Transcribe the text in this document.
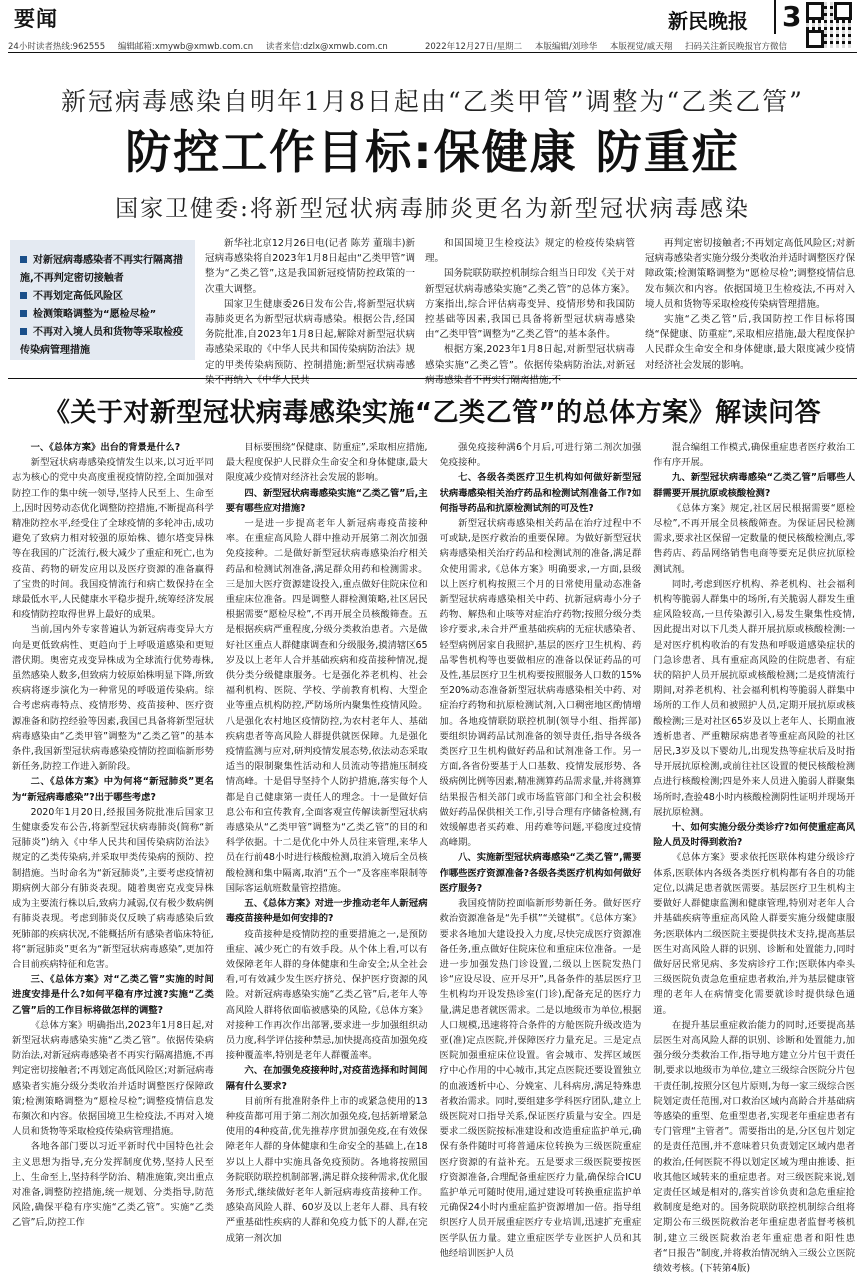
要闻	新民晚报 3
24小时读者热线:962555 编辑邮箱:xmywb@xmwb.com.cn 读者来信:dzlx@xmwb.com.cn	2022年12月27日/星期二 本版编辑/刘珍华 本版视觉/戚天翔 扫码关注新民晚报官方微信
新冠病毒感染自明年1月8日起由“乙类甲管”调整为“乙类乙管”
防控工作目标:保健康 防重症
国家卫健委:将新型冠状病毒肺炎更名为新型冠状病毒感染
对新冠病毒感染者不再实行隔离措施,不再判定密切接触者
不再划定高低风险区
检测策略调整为“愿检尽检”
不再对入境人员和货物等采取检疫传染病管理措施

新华社北京12月26日电(记者 陈芳 董瑞丰)新冠病毒感染将自2023年1月8日起由“乙类甲管”调整为“乙类乙管”,这是我国新冠疫情防控政策的一次重大调整。

国家卫生健康委26日发布公告,将新型冠状病毒肺炎更名为新型冠状病毒感染。根据公告,经国务院批准,自2023年1月8日起,解除对新型冠状病毒感染采取的《中华人民共和国传染病防治法》规定的甲类传染病预防、控制措施;新型冠状病毒感染不再纳入《中华人民共

和国国境卫生检疫法》规定的检疫传染病管理。

国务院联防联控机制综合组当日印发《关于对新型冠状病毒感染实施“乙类乙管”的总体方案》。方案指出,综合评估病毒变异、疫情形势和我国防控基础等因素,我国已具备将新型冠状病毒感染由“乙类甲管”调整为“乙类乙管”的基本条件。

根据方案,2023年1月8日起,对新型冠状病毒感染实施“乙类乙管”。依据传染病防治法,对新冠病毒感染者不再实行隔离措施,不

再判定密切接触者;不再划定高低风险区;对新冠病毒感染者实施分级分类收治并适时调整医疗保障政策;检测策略调整为“愿检尽检”;调整疫情信息发布频次和内容。依据国境卫生检疫法,不再对入境人员和货物等采取检疫传染病管理措施。

实施“乙类乙管”后,我国防控工作目标将围绕“保健康、防重症”,采取相应措施,最大程度保护人民群众生命安全和身体健康,最大限度减少疫情对经济社会发展的影响。

《关于对新型冠状病毒感染实施“乙类乙管”的总体方案》解读问答

一、《总体方案》出台的背景是什么?

新型冠状病毒感染疫情发生以来,以习近平同志为核心的党中央高度重视疫情防控,全面加强对防控工作的集中统一领导,坚持人民至上、生命至上,因时因势动态优化调整防控措施,不断提高科学精准防控水平,经受住了全球疫情的多轮冲击,成功避免了致病力相对较强的原始株、德尔塔变异株等在我国的广泛流行,极大减少了重症和死亡,也为疫苗、药物的研发应用以及医疗资源的准备赢得了宝贵的时间。我国疫情流行和病亡数保持在全球最低水平,人民健康水平稳步提升,统筹经济发展和疫情防控取得世界上最好的成果。

当前,国内外专家普遍认为新冠病毒变异大方向是更低致病性、更趋向于上呼吸道感染和更短潜伏期。奥密克戎变异株成为全球流行优势毒株,虽然感染人数多,但致病力较原始株明显下降,所致疾病将逐步演化为一种常见的呼吸道传染病。综合考虑病毒特点、疫情形势、疫苗接种、医疗资源准备和防控经验等因素,我国已具备将新型冠状病毒感染由“乙类甲管”调整为“乙类乙管”的基本条件,我国新型冠状病毒感染疫情防控面临新形势新任务,防控工作进入新阶段。

二、《总体方案》中为何将“新冠肺炎”更名为“新冠病毒感染”?出于哪些考虑?

2020年1月20日,经报国务院批准后国家卫生健康委发布公告,将新型冠状病毒肺炎(简称“新冠肺炎”)纳入《中华人民共和国传染病防治法》规定的乙类传染病,并采取甲类传染病的预防、控制措施。当时命名为“新冠肺炎”,主要考虑疫情初期病例大部分有肺炎表现。随着奥密克戎变异株成为主要流行株以后,致病力减弱,仅有极少数病例有肺炎表现。考虑到肺炎仅反映了病毒感染后致死肺部的疾病状况,不能概括所有感染者临床特征,将“新冠肺炎”更名为“新型冠状病毒感染”,更加符合目前疾病特征和危害。

三、《总体方案》对“乙类乙管”实施的时间进度安排是什么?如何平稳有序过渡?实施“乙类乙管”后的工作目标将做怎样的调整?

《总体方案》明确指出,2023年1月8日起,对新型冠状病毒感染实施“乙类乙管”。依据传染病防治法,对新冠病毒感染者不再实行隔离措施,不再判定密切接触者;不再划定高低风险区;对新冠病毒感染者实施分级分类收治并适时调整医疗保障政策;检测策略调整为“愿检尽检”;调整疫情信息发布频次和内容。依据国境卫生检疫法,不再对入境人员和货物等采取检疫传染病管理措施。

各地各部门要以习近平新时代中国特色社会主义思想为指导,充分发挥制度优势,坚持人民至上、生命至上,坚持科学防治、精准施策,突出重点对准备,调整防控措施,统一规划、分类指导,防范风险,确保平稳有序实施“乙类乙管”。实施“乙类乙管”后,防控工作

目标要围绕“保健康、防重症”,采取相应措施,最大程度保护人民群众生命安全和身体健康,最大限度减少疫情对经济社会发展的影响。

四、新型冠状病毒感染实施“乙类乙管”后,主要有哪些应对措施?

一是进一步提高老年人新冠病毒疫苗接种率。在重症高风险人群中推动开展第二剂次加强免疫接种。二是做好新型冠状病毒感染治疗相关药品和检测试剂准备,满足群众用药和检测需求。三是加大医疗资源建设投入,重点做好住院床位和重症床位准备。四是调整人群检测策略,社区居民根据需要“愿检尽检”,不再开展全员核酸筛查。五是根据疾病严重程度,分级分类救治患者。六是做好社区重点人群健康调查和分级服务,摸清辖区65岁及以上老年人合并基础疾病和疫苗接种情况,提供分类分级健康服务。七是强化养老机构、社会福利机构、医院、学校、学前教育机构、大型企业等重点机构防控,严防场所内聚集性疫情风险。八是强化农村地区疫情防控,为农村老年人、基础疾病患者等高风险人群提供就医保障。九是强化疫情监测与应对,研判疫情发展态势,依法动态采取适当的限制聚集性活动和人员流动等措施压制疫情高峰。十是倡导坚持个人防护措施,落实每个人都是自己健康第一责任人的理念。十一是做好信息公布和宣传教育,全面客观宣传解读新型冠状病毒感染从“乙类甲管”调整为“乙类乙管”的目的和科学依据。十二是优化中外人员往来管理,来华人员在行前48小时进行核酸检测,取消入境后全员核酸检测和集中隔离,取消“五个一”及客座率限制等国际客运航班数量管控措施。

五、《总体方案》对进一步推动老年人新冠病毒疫苗接种是如何安排的?

疫苗接种是疫情防控的重要措施之一,是预防重症、减少死亡的有效手段。从个体上看,可以有效保障老年人群的身体健康和生命安全;从全社会看,可有效减少发生医疗挤兑、保护医疗资源的风险。对新冠病毒感染实施“乙类乙管”后,老年人等高风险人群将依面临被感染的风险,《总体方案》对接种工作再次作出部署,要求进一步加强组织动员力度,科学评估接种禁忌,加快提高疫苗加强免疫接种覆盖率,特别是老年人群覆盖率。

六、在加强免疫接种时,对疫苗选择和时间间隔有什么要求?

目前所有批准附条件上市的或紧急使用的13种疫苗都可用于第二剂次加强免疫,包括新增紧急使用的4种疫苗,优先推荐序贯加强免疫,在有效保障老年人群的身体健康和生命安全的基础上,在18岁以上人群中实施具备免疫预防。各地将按照国务院联防联控机制部署,满足群众接种需求,优化服务形式,继续做好老年人新冠病毒疫苗接种工作。感染高风险人群、60岁及以上老年人群、具有较严重基础性疾病的人群和免疫力低下的人群,在完成第一剂次加

强免疫接种满6个月后,可进行第二剂次加强免疫接种。

七、各级各类医疗卫生机构如何做好新型冠状病毒感染相关治疗药品和检测试剂准备工作?如何指导药品和抗原检测试剂的可及性?

新型冠状病毒感染相关药品在治疗过程中不可或缺,是医疗救治的重要保障。为做好新型冠状病毒感染相关治疗药品和检测试剂的准备,满足群众使用需求,《总体方案》明确要求,一方面,县级以上医疗机构按照三个月的日常使用量动态准备新型冠状病毒感染相关中药、抗新冠病毒小分子药物、解热和止咳等对症治疗药物;按照分级分类诊疗要求,未合并严重基础疾病的无症状感染者、轻型病例居家自我照护,基层的医疗卫生机构、药品零售机构等也要做相应的准备以保证药品的可及性,基层医疗卫生机构要按照服务人口数的15%至20%动态准备新型冠状病毒感染相关中药、对症治疗药物和抗原检测试剂,入口稠密地区酌情增加。各地疫情联防联控机制(领导小组、指挥部)要组织协调药品试剂准备的领导责任,指导各级各类医疗卫生机构做好药品和试剂准备工作。另一方面,各省份要基于人口基数、疫情发展形势、各级病例比例等因素,精准测算药品需求量,并将测算结果报告相关部门或市场监管部门和全社会积极做好药品保供相关工作,引导合理有序储备检测,有效缓解患者买药难、用药难等问题,平稳度过疫情高峰期。

八、实施新型冠状病毒感染“乙类乙管”,需要作哪些医疗资源准备?各级各类医疗机构如何做好医疗服务?

我国疫情防控面临新形势新任务。做好医疗救治资源准备是“先手棋”“关键棋”。《总体方案》要求各地加大建设投入力度,尽快完成医疗资源准备任务,重点做好住院床位和重症床位准备。一是进一步加强发热门诊设置,二级以上医院发热门诊“应设尽设、应开尽开”,具备条件的基层医疗卫生机构均开设发热诊室(门诊),配备充足的医疗力量,满足患者就医需求。二是以地级市为单位,根据人口规模,迅速将符合条件的方舱医院升级改造为亚(准)定点医院,并保障医疗力量充足。三是定点医院加强重症床位设置。省会城市、发挥区域医疗中心作用的中心城市,其定点医院还要设置独立的血液透析中心、分娩室、儿科病房,满足特殊患者救治需求。同时,要组建多学科医疗团队,建立上级医院对口指导关系,保证医疗质量与安全。四是要求二级医院按标准建设和改造重症监护单元,确保有条件随时可将普通床位转换为三级医院重症医疗资源的有益补充。五是要求三级医院要按医疗资源准备,合理配备重症医疗力量,确保综合ICU监护单元可随时使用,通过建设可转换重症监护单元确保24小时内重症监护资源增加一倍。指导组织医疗人员开展重症医疗专业培训,迅速扩充重症医学队伍力量。建立重症医学专业医护人员和其他经培训医护人员

混合编组工作模式,确保重症患者医疗救治工作有序开展。

九、新型冠状病毒感染“乙类乙管”后哪些人群需要开展抗原或核酸检测?

《总体方案》规定,社区居民根据需要“愿检尽检”,不再开展全员核酸筛查。为保证居民检测需求,要求社区保留一定数量的便民核酸检测点,零售药店、药品网络销售电商等要充足供应抗原检测试剂。

同时,考虑到医疗机构、养老机构、社会福利机构等脆弱人群集中的场所,有关脆弱人群发生重症风险较高,一旦传染源引入,易发生聚集性疫情,因此提出对以下几类人群开展抗原或核酸检测:一是对医疗机构收治的有发热和呼吸道感染症状的门急诊患者、具有重症高风险的住院患者、有症状的陪护人员开展抗原或核酸检测;二是疫情流行期间,对养老机构、社会福利机构等脆弱人群集中场所的工作人员和被照护人员,定期开展抗原或核酸检测;三是对社区65岁及以上老年人、长期血液透析患者、严重糖尿病患者等重症高风险的社区居民,3岁及以下婴幼儿,出现发热等症状后及时指导开展抗原检测,或前往社区设置的便民核酸检测点进行核酸检测;四是外来人员进入脆弱人群聚集场所时,查验48小时内核酸检测阴性证明并现场开展抗原检测。

十、如何实施分级分类诊疗?如何使重症高风险人员及时得到救治?

《总体方案》要求依托医联体构建分级诊疗体系,医联体内各级各类医疗机构都有各自的功能定位,以满足患者就医需要。基层医疗卫生机构主要做好人群健康监测和健康管理,特别对老年人合并基础疾病等重症高风险人群要实施分级健康服务;医联体内二级医院主要提供技术支持,提高基层医生对高风险人群的识别、诊断和处置能力,同时做好居民常见病、多发病诊疗工作;医联体内牵头三级医院负责急危重症患者救治,并为基层健康管理的老年人在病情变化需要就诊时提供绿色通道。

在提升基层重症救治能力的同时,还要提高基层医生对高风险人群的识别、诊断和处置能力,加强分级分类救治工作,指导地方建立分片包干责任制,要求以地级市为单位,建立三级综合医院分片包干责任制,按照分区包片原则,为每一家三级综合医院划定责任范围,对口救治区域内高龄合并基础病等感染的重型、危重型患者,实现老年重症患者有专门管理“主管者”。需要指出的是,分区包片划定的是责任范围,并不意味着只负责划定区域内患者的救治,任何医院不得以划定区域为理由推诿、拒收其他区域转来的重症患者。对三级医院来说,划定责任区域是相对的,落实首诊负责和急危重症抢救制度是绝对的。国务院联防联控机制综合组将定期公布三级医院救治老年重症患者监督考核机制,建立三级医院救治老年重症患者和阳性患者“日报告”制度,并将救治情况纳入三级公立医院绩效考核。(下转第4版)
